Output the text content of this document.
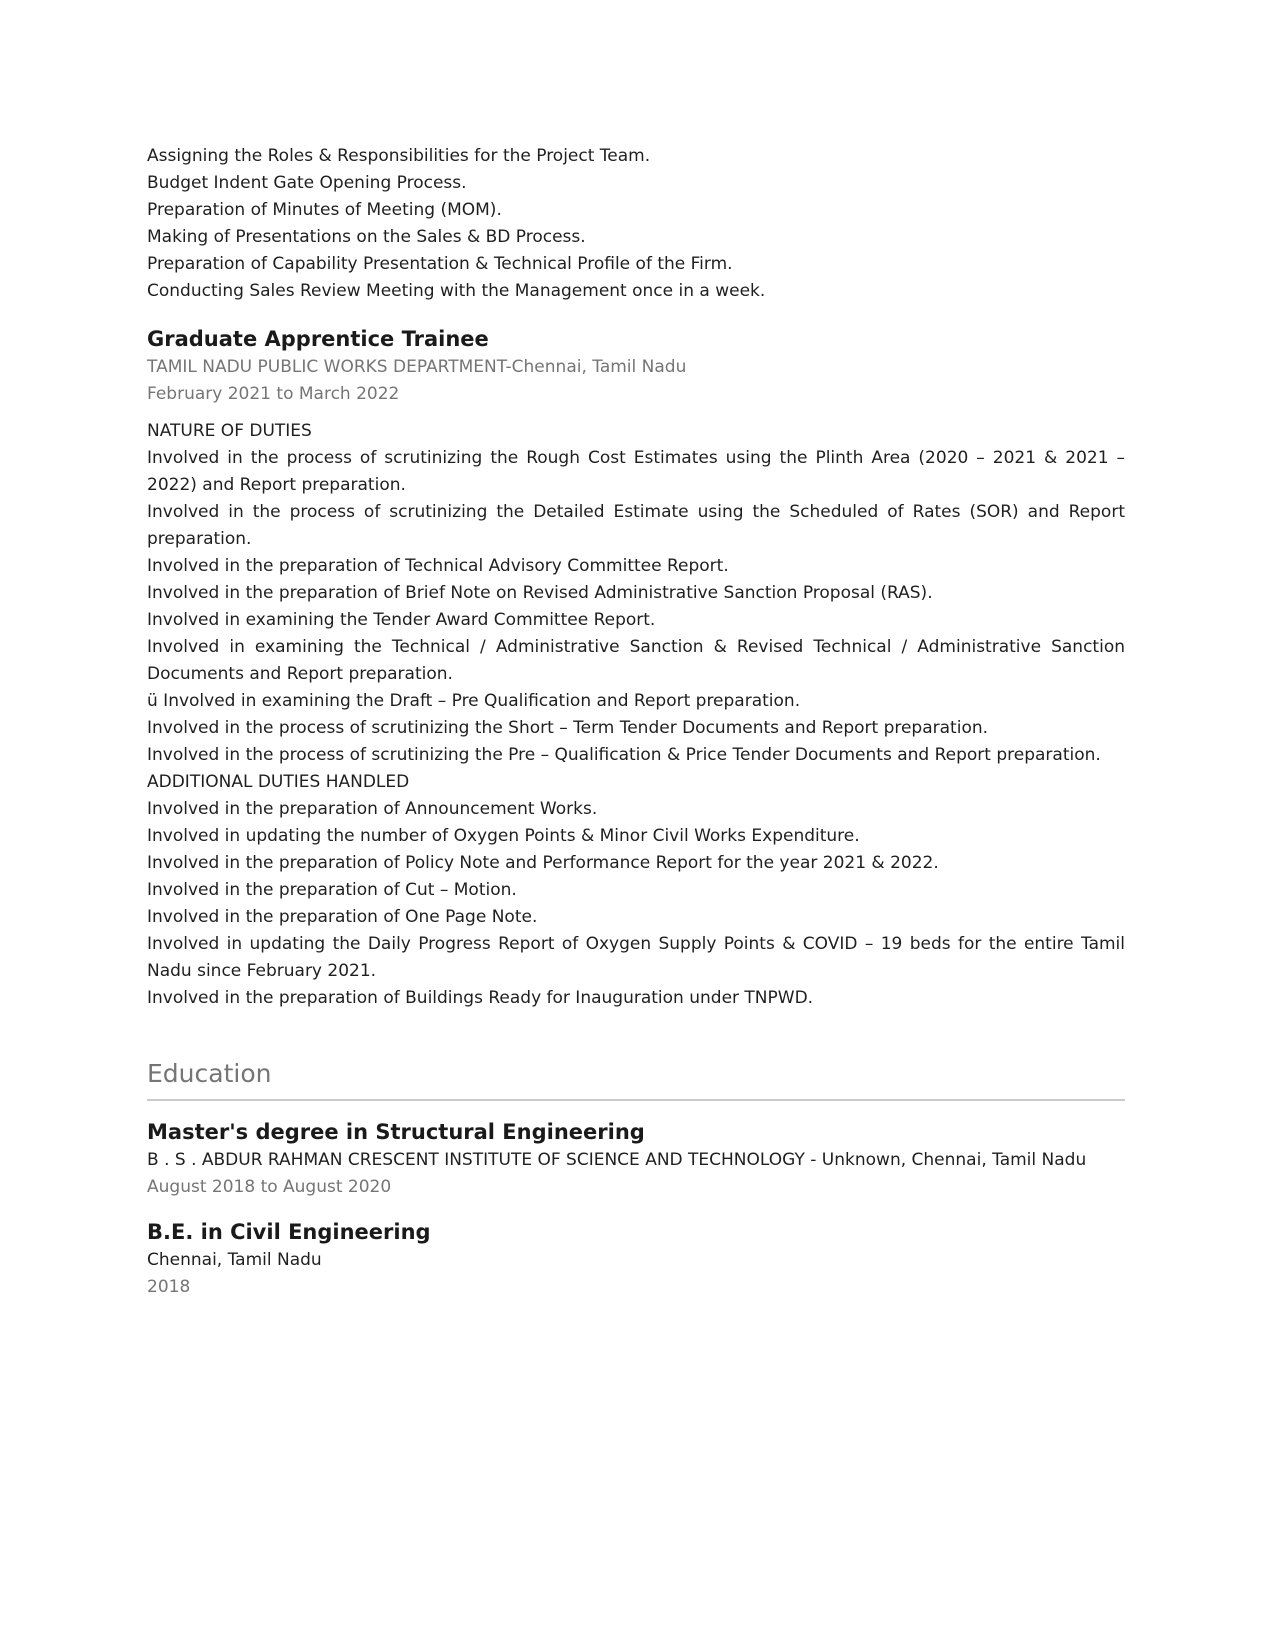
Assigning the Roles & Responsibilities for the Project Team.

Budget Indent Gate Opening Process.

Preparation of Minutes of Meeting (MOM).

Making of Presentations on the Sales & BD Process.

Preparation of Capability Presentation & Technical Profile of the Firm.

Conducting Sales Review Meeting with the Management once in a week.

Graduate Apprentice Trainee

TAMIL NADU PUBLIC WORKS DEPARTMENT-Chennai, Tamil Nadu

February 2021 to March 2022

NATURE OF DUTIES

Involved in the process of scrutinizing the Rough Cost Estimates using the Plinth Area (2020 – 2021 & 2021 – 2022) and Report preparation.

Involved in the process of scrutinizing the Detailed Estimate using the Scheduled of Rates (SOR) and Report preparation.

Involved in the preparation of Technical Advisory Committee Report.

Involved in the preparation of Brief Note on Revised Administrative Sanction Proposal (RAS).

Involved in examining the Tender Award Committee Report.

Involved in examining the Technical / Administrative Sanction & Revised Technical / Administrative Sanction Documents and Report preparation.

ü Involved in examining the Draft – Pre Qualification and Report preparation.

Involved in the process of scrutinizing the Short – Term Tender Documents and Report preparation.

Involved in the process of scrutinizing the Pre – Qualification & Price Tender Documents and Report preparation.

ADDITIONAL DUTIES HANDLED

Involved in the preparation of Announcement Works.

Involved in updating the number of Oxygen Points & Minor Civil Works Expenditure.

Involved in the preparation of Policy Note and Performance Report for the year 2021 & 2022.

Involved in the preparation of Cut – Motion.

Involved in the preparation of One Page Note.

Involved in updating the Daily Progress Report of Oxygen Supply Points & COVID – 19 beds for the entire Tamil Nadu since February 2021.

Involved in the preparation of Buildings Ready for Inauguration under TNPWD.

Education
Master's degree in Structural Engineering

B . S . ABDUR RAHMAN CRESCENT INSTITUTE OF SCIENCE AND TECHNOLOGY - Unknown, Chennai, Tamil Nadu

August 2018 to August 2020

B.E. in Civil Engineering

Chennai, Tamil Nadu

2018
